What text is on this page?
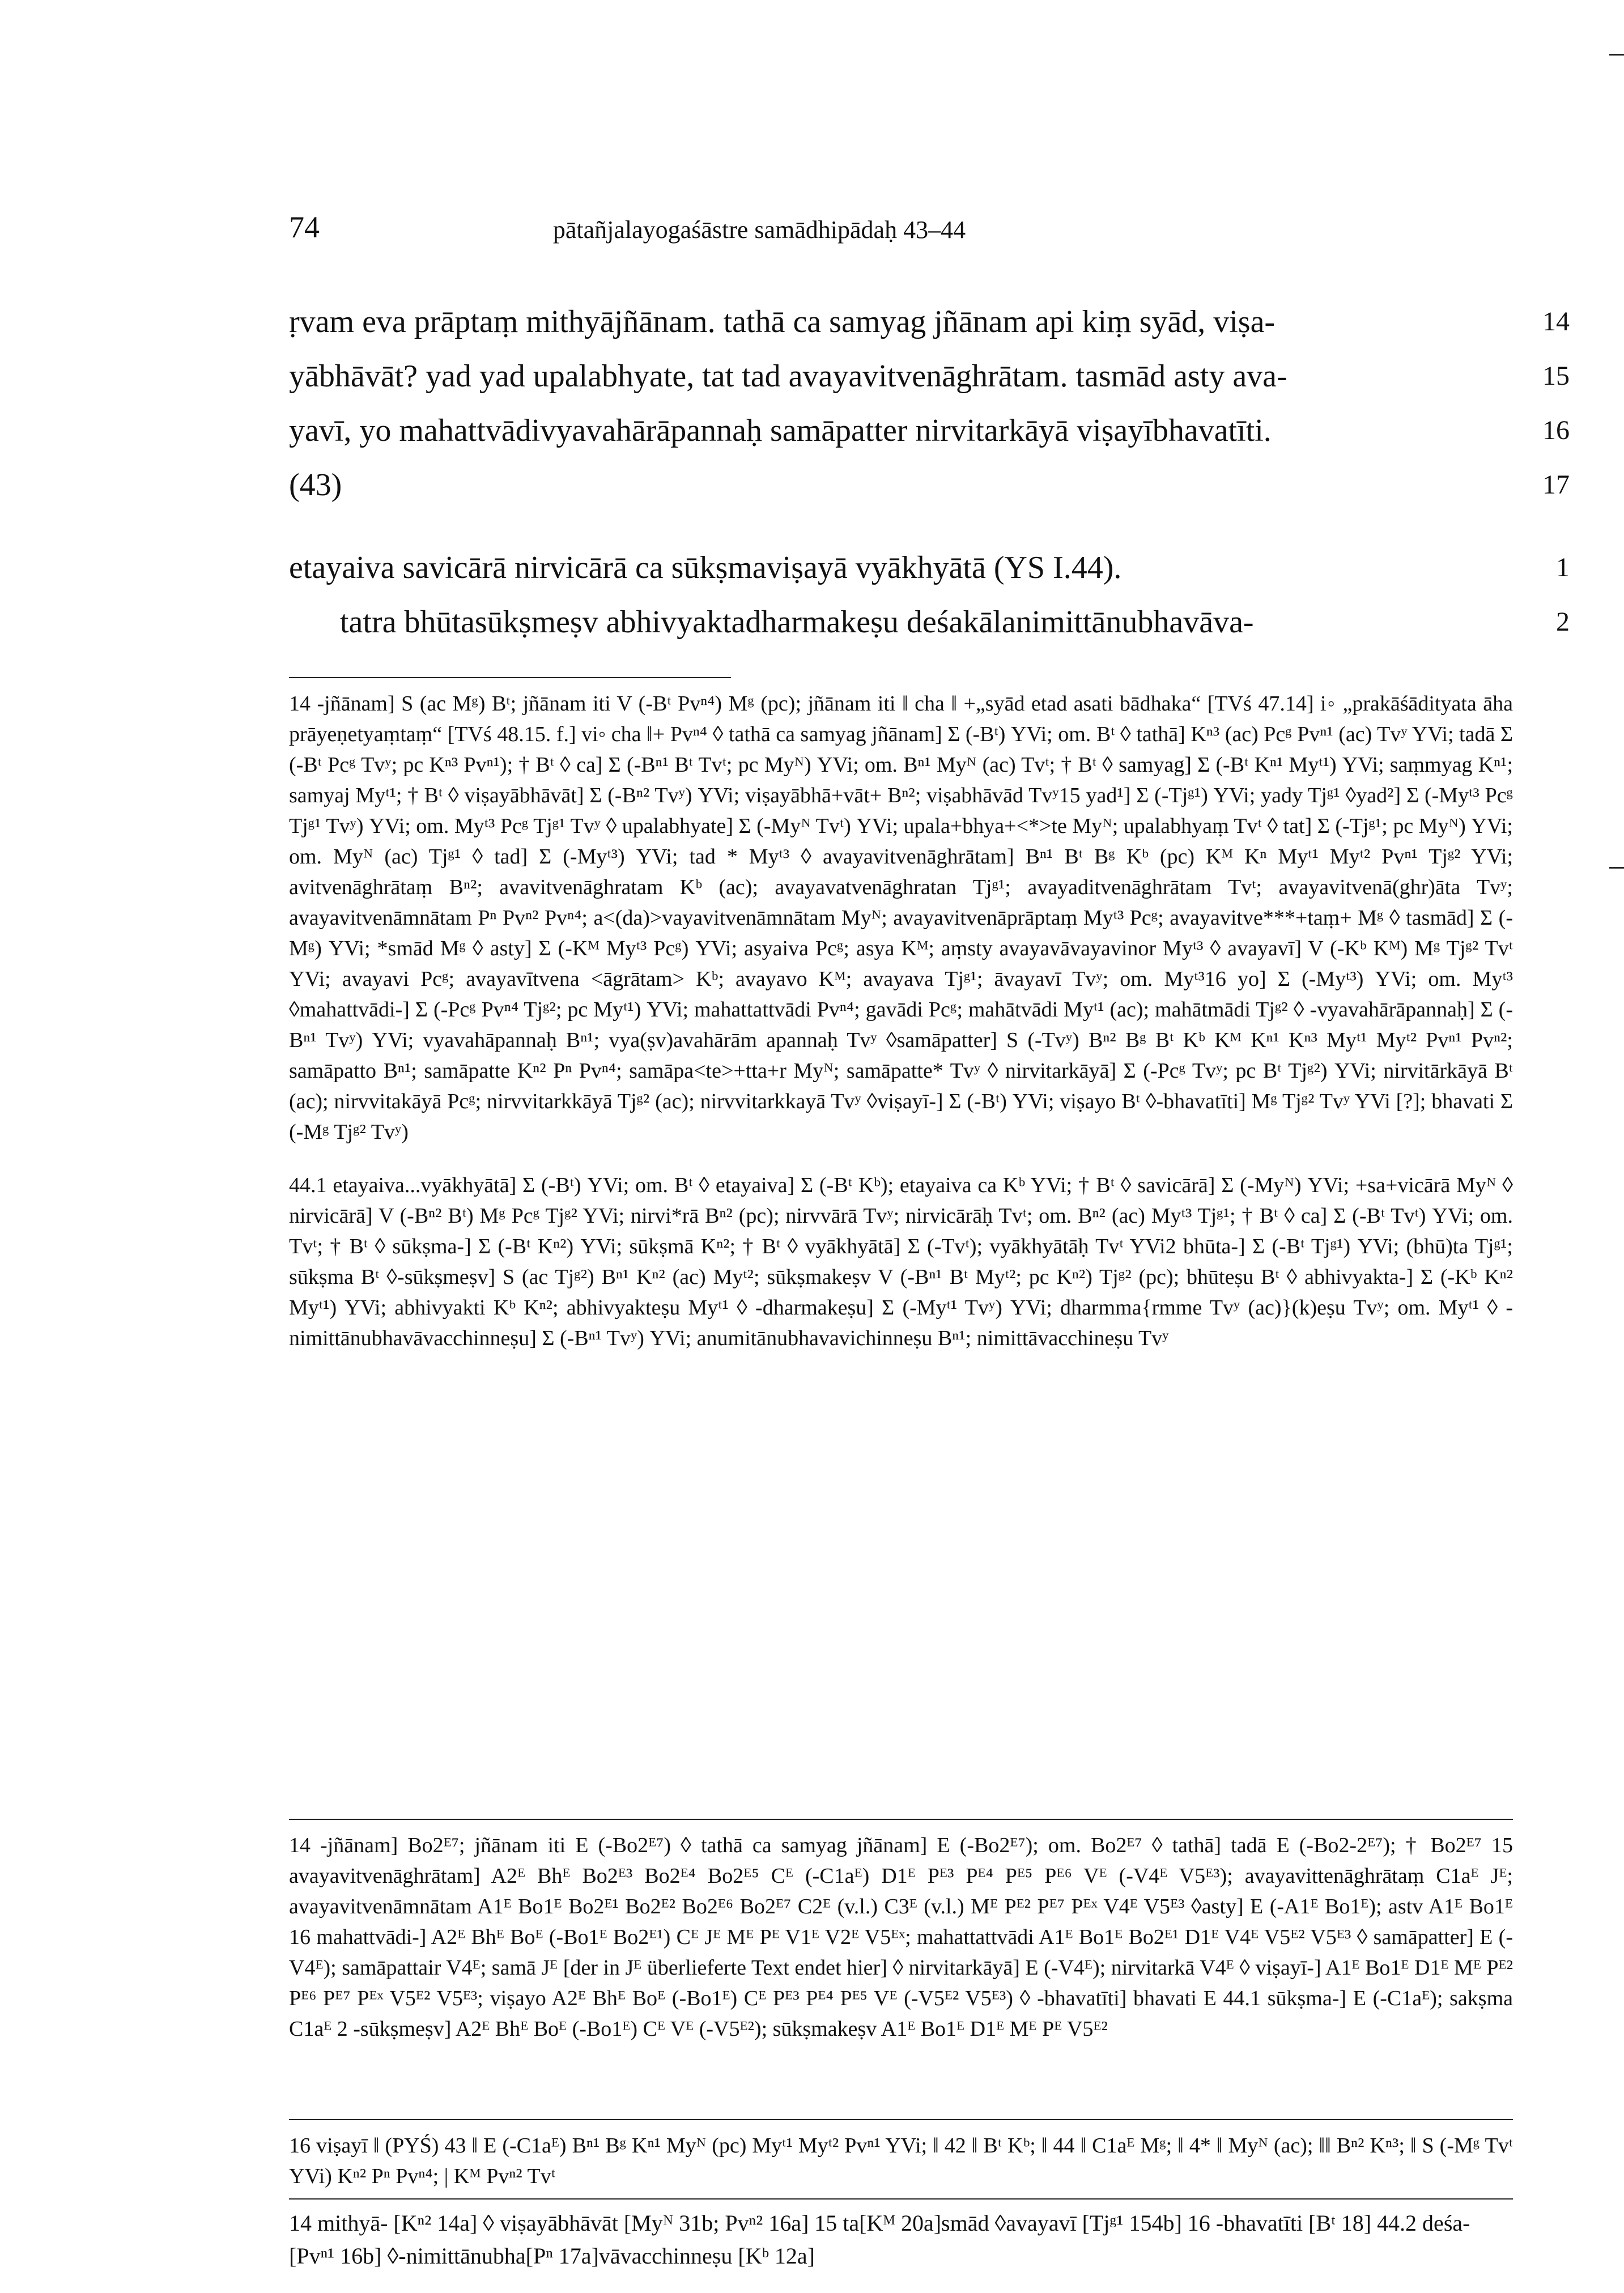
74	pātañjalayogaśāstre samādhipādaḥ 43–44
ṛvam eva prāptaṃ mithyājñānam. tathā ca samyag jñānam api kiṃ syād, viṣa-	14
yābhāvāt? yad yad upalabhyate, tat tad avayavitvenāghrātam. tasmād asty ava-	15
yavī, yo mahattvādivyavahārāpannaḥ samāpatter nirvitarkāyā viṣayībhavatīti.	16
(43)	17
etayaiva savicārā nirvicārā ca sūkṣmaviṣayā vyākhyātā (YS I.44).	1
tatra bhūtasūkṣmeṣv abhivyaktadharmakeṣu deśakālanimittānubhavāva-	2

14 -jñānam] S (ac Mᵍ) Bᵗ; jñānam iti V (-Bᵗ Pvⁿ⁴) Mᵍ (pc); jñānam iti ‖ cha ‖ +„syād etad asati bādhaka“ [TVś 47.14] i◦ „prakāśādityata āha prāyeṇetyaṃtaṃ“ [TVś 48.15. f.] vi◦ cha ‖+ Pvⁿ⁴ ◊ tathā ca samyag jñānam] Σ (-Bᵗ) YVi; om. Bᵗ ◊ tathā] Kⁿ³ (ac) Pcᵍ Pvⁿ¹ (ac) Tvʸ YVi; tadā Σ (-Bᵗ Pcᵍ Tvʸ; pc Kⁿ³ Pvⁿ¹); † Bᵗ ◊ ca] Σ (-Bⁿ¹ Bᵗ Tvᵗ; pc Myᴺ) YVi; om. Bⁿ¹ Myᴺ (ac) Tvᵗ; † Bᵗ ◊ samyag] Σ (-Bᵗ Kⁿ¹ Myᵗ¹) YVi; saṃmyag Kⁿ¹; samyaj Myᵗ¹; † Bᵗ ◊ viṣayābhāvāt] Σ (-Bⁿ² Tvʸ) YVi; viṣayābhā+vāt+ Bⁿ²; viṣabhāvād Tvʸ15 yad¹] Σ (-Tjᵍ¹) YVi; yady Tjᵍ¹ ◊yad²] Σ (-Myᵗ³ Pcᵍ Tjᵍ¹ Tvʸ) YVi; om. Myᵗ³ Pcᵍ Tjᵍ¹ Tvʸ ◊ upalabhyate] Σ (-Myᴺ Tvᵗ) YVi; upala+bhya+<*>te Myᴺ; upalabhyaṃ Tvᵗ ◊ tat] Σ (-Tjᵍ¹; pc Myᴺ) YVi; om. Myᴺ (ac) Tjᵍ¹ ◊ tad] Σ (-Myᵗ³) YVi; tad * Myᵗ³ ◊ avayavitvenāghrātam] Bⁿ¹ Bᵗ Bᵍ Kᵇ (pc) Kᴹ Kⁿ Myᵗ¹ Myᵗ² Pvⁿ¹ Tjᵍ² YVi; avitvenāghrātaṃ Bⁿ²; avavitvenāghratam Kᵇ (ac); avayavatvenāghratan Tjᵍ¹; avayaditvenāghrātam Tvᵗ; avayavitvenā(ghr)āta Tvʸ; avayavitvenāmnātam Pⁿ Pvⁿ² Pvⁿ⁴; a<(da)>vayavitvenāmnātam Myᴺ; avayavitvenāprāptaṃ Myᵗ³ Pcᵍ; avayavitve***+taṃ+ Mᵍ ◊ tasmād] Σ (-Mᵍ) YVi; *smād Mᵍ ◊ asty] Σ (-Kᴹ Myᵗ³ Pcᵍ) YVi; asyaiva Pcᵍ; asya Kᴹ; aṃsty avayavāvayavinor Myᵗ³ ◊ avayavī] V (-Kᵇ Kᴹ) Mᵍ Tjᵍ² Tvᵗ YVi; avayavi Pcᵍ; avayavītvena <āgrātam> Kᵇ; avayavo Kᴹ; avayava Tjᵍ¹; āvayavī Tvʸ; om. Myᵗ³16 yo] Σ (-Myᵗ³) YVi; om. Myᵗ³ ◊mahattvādi-] Σ (-Pcᵍ Pvⁿ⁴ Tjᵍ²; pc Myᵗ¹) YVi; mahattattvādi Pvⁿ⁴; gavādi Pcᵍ; mahātvādi Myᵗ¹ (ac); mahātmādi Tjᵍ² ◊ -vyavahārāpannaḥ] Σ (-Bⁿ¹ Tvʸ) YVi; vyavahāpannaḥ Bⁿ¹; vya(ṣv)avahārām apannaḥ Tvʸ ◊samāpatter] S (-Tvʸ) Bⁿ² Bᵍ Bᵗ Kᵇ Kᴹ Kⁿ¹ Kⁿ³ Myᵗ¹ Myᵗ² Pvⁿ¹ Pvⁿ²; samāpatto Bⁿ¹; samāpatte Kⁿ² Pⁿ Pvⁿ⁴; samāpa<te>+tta+r Myᴺ; samāpatte* Tvʸ ◊ nirvitarkāyā] Σ (-Pcᵍ Tvʸ; pc Bᵗ Tjᵍ²) YVi; nirvitārkāyā Bᵗ (ac); nirvvitakāyā Pcᵍ; nirvvitarkkāyā Tjᵍ² (ac); nirvvitarkkayā Tvʸ ◊viṣayī-] Σ (-Bᵗ) YVi; viṣayo Bᵗ ◊-bhavatīti] Mᵍ Tjᵍ² Tvʸ YVi [?]; bhavati Σ (-Mᵍ Tjᵍ² Tvʸ)

44.1 etayaiva...vyākhyātā] Σ (-Bᵗ) YVi; om. Bᵗ ◊ etayaiva] Σ (-Bᵗ Kᵇ); etayaiva ca Kᵇ YVi; † Bᵗ ◊ savicārā] Σ (-Myᴺ) YVi; +sa+vicārā Myᴺ ◊ nirvicārā] V (-Bⁿ² Bᵗ) Mᵍ Pcᵍ Tjᵍ² YVi; nirvi*rā Bⁿ² (pc); nirvvārā Tvʸ; nirvicārāḥ Tvᵗ; om. Bⁿ² (ac) Myᵗ³ Tjᵍ¹; † Bᵗ ◊ ca] Σ (-Bᵗ Tvᵗ) YVi; om. Tvᵗ; † Bᵗ ◊ sūkṣma-] Σ (-Bᵗ Kⁿ²) YVi; sūkṣmā Kⁿ²; † Bᵗ ◊ vyākhyātā] Σ (-Tvᵗ); vyākhyātāḥ Tvᵗ YVi2 bhūta-] Σ (-Bᵗ Tjᵍ¹) YVi; (bhū)ta Tjᵍ¹; sūkṣma Bᵗ ◊-sūkṣmeṣv] S (ac Tjᵍ²) Bⁿ¹ Kⁿ² (ac) Myᵗ²; sūkṣmakeṣv V (-Bⁿ¹ Bᵗ Myᵗ²; pc Kⁿ²) Tjᵍ² (pc); bhūteṣu Bᵗ ◊ abhivyakta-] Σ (-Kᵇ Kⁿ² Myᵗ¹) YVi; abhivyakti Kᵇ Kⁿ²; abhivyakteṣu Myᵗ¹ ◊ -dharmakeṣu] Σ (-Myᵗ¹ Tvʸ) YVi; dharmma{rmme Tvʸ (ac)}(k)eṣu Tvʸ; om. Myᵗ¹ ◊ -nimittānubhavāvacchinneṣu] Σ (-Bⁿ¹ Tvʸ) YVi; anumitānubhavavichinneṣu Bⁿ¹; nimittāvacchineṣu Tvʸ

14 -jñānam] Bo2ᴱ⁷; jñānam iti E (-Bo2ᴱ⁷) ◊ tathā ca samyag jñānam] E (-Bo2ᴱ⁷); om. Bo2ᴱ⁷ ◊ tathā] tadā E (-Bo2-2ᴱ⁷); † Bo2ᴱ⁷ 15 avayavitvenāghrātam] A2ᴱ Bhᴱ Bo2ᴱ³ Bo2ᴱ⁴ Bo2ᴱ⁵ Cᴱ (-C1aᴱ) D1ᴱ Pᴱ³ Pᴱ⁴ Pᴱ⁵ Pᴱ⁶ Vᴱ (-V4ᴱ V5ᴱ³); avayavittenāghrātaṃ C1aᴱ Jᴱ; avayavitvenāmnātam A1ᴱ Bo1ᴱ Bo2ᴱ¹ Bo2ᴱ² Bo2ᴱ⁶ Bo2ᴱ⁷ C2ᴱ (v.l.) C3ᴱ (v.l.) Mᴱ Pᴱ² Pᴱ⁷ Pᴱˣ V4ᴱ V5ᴱ³ ◊asty] E (-A1ᴱ Bo1ᴱ); astv A1ᴱ Bo1ᴱ 16 mahattvādi-] A2ᴱ Bhᴱ Boᴱ (-Bo1ᴱ Bo2ᴱ¹) Cᴱ Jᴱ Mᴱ Pᴱ V1ᴱ V2ᴱ V5ᴱˣ; mahattattvādi A1ᴱ Bo1ᴱ Bo2ᴱ¹ D1ᴱ V4ᴱ V5ᴱ² V5ᴱ³ ◊ samāpatter] E (-V4ᴱ); samāpattair V4ᴱ; samā Jᴱ [der in Jᴱ überlieferte Text endet hier] ◊ nirvitarkāyā] E (-V4ᴱ); nirvitarkā V4ᴱ ◊ viṣayī-] A1ᴱ Bo1ᴱ D1ᴱ Mᴱ Pᴱ² Pᴱ⁶ Pᴱ⁷ Pᴱˣ V5ᴱ² V5ᴱ³; viṣayo A2ᴱ Bhᴱ Boᴱ (-Bo1ᴱ) Cᴱ Pᴱ³ Pᴱ⁴ Pᴱ⁵ Vᴱ (-V5ᴱ² V5ᴱ³) ◊ -bhavatīti] bhavati E 44.1 sūkṣma-] E (-C1aᴱ); sakṣma C1aᴱ 2 -sūkṣmeṣv] A2ᴱ Bhᴱ Boᴱ (-Bo1ᴱ) Cᴱ Vᴱ (-V5ᴱ²); sūkṣmakeṣv A1ᴱ Bo1ᴱ D1ᴱ Mᴱ Pᴱ V5ᴱ²

16 viṣayī ‖ (PYŚ) 43 ‖ E (-C1aᴱ) Bⁿ¹ Bᵍ Kⁿ¹ Myᴺ (pc) Myᵗ¹ Myᵗ² Pvⁿ¹ YVi; ‖ 42 ‖ Bᵗ Kᵇ; ‖ 44 ‖ C1aᴱ Mᵍ; ‖ 4* ‖ Myᴺ (ac); ‖‖ Bⁿ² Kⁿ³; ‖ S (-Mᵍ Tvᵗ YVi) Kⁿ² Pⁿ Pvⁿ⁴; | Kᴹ Pvⁿ² Tvᵗ

14 mithyā- [Kⁿ² 14a] ◊ viṣayābhāvāt [Myᴺ 31b; Pvⁿ² 16a] 15 ta[Kᴹ 20a]smād ◊avayavī [Tjᵍ¹ 154b] 16 -bhavatīti [Bᵗ 18] 44.2 deśa- [Pvⁿ¹ 16b] ◊-nimittānubha[Pⁿ 17a]vāvacchinneṣu [Kᵇ 12a]
